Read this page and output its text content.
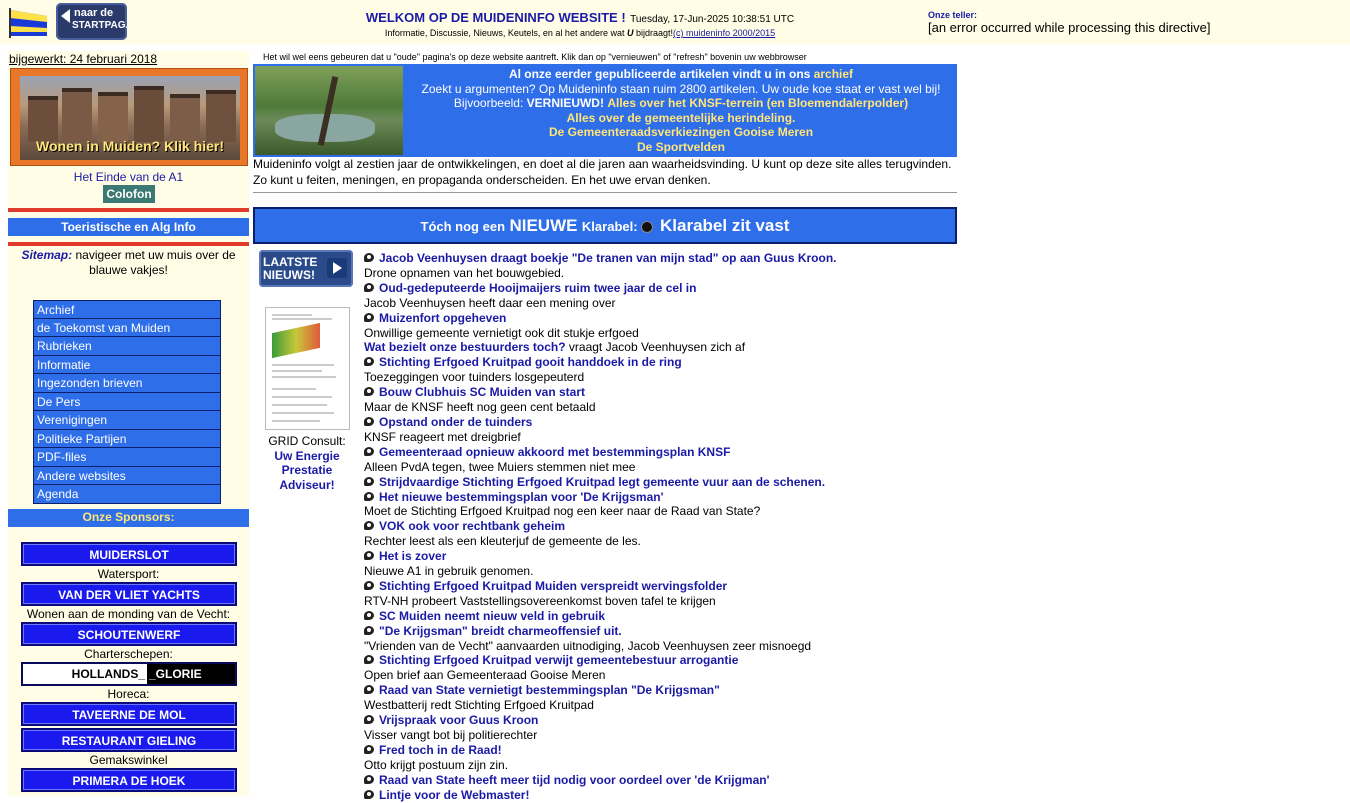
naar de
STARTPAG.
WELKOM OP DE MUIDENINFO WEBSITE ! Tuesday, 17-Jun-2025 10:38:51 UTC
Informatie, Discussie, Nieuws, Keutels, en al het andere wat U bijdraagt!(c) muideninfo 2000/2015
Onze teller:
[an error occurred while processing this directive]
bijgewerkt: 24 februari 2018
Wonen in Muiden? Klik hier!
Het Einde van de A1
Colofon
Toeristische en Alg Info
Sitemap: navigeer met uw muis over de blauwe vakjes!
Archief
de Toekomst van Muiden
Rubrieken
Informatie
Ingezonden brieven
De Pers
Verenigingen
Politieke Partijen
PDF-files
Andere websites
Agenda
Onze Sponsors:
MUIDERSLOT
Watersport:
VAN DER VLIET YACHTS
Wonen aan de monding van de Vecht:
SCHOUTENWERF
Charterschepen:
HOLLANDS_ _GLORIE
Horeca:
TAVEERNE DE MOL
RESTAURANT GIELING
Gemakswinkel
PRIMERA DE HOEK
Het wil wel eens gebeuren dat u "oude" pagina's op deze website aantreft. Klik dan op "vernieuwen" of "refresh" bovenin uw webbrowser
Al onze eerder gepubliceerde artikelen vindt u in ons archief
Zoekt u argumenten? Op Muideninfo staan ruim 2800 artikelen. Uw oude koe staat er vast wel bij!
Bijvoorbeeld: VERNIEUWD! Alles over het KNSF-terrein (en Bloemendalerpolder)
Alles over de gemeentelijke herindeling.
De Gemeenteraadsverkiezingen Gooise Meren
De Sportvelden
Muideninfo volgt al zestien jaar de ontwikkelingen, en doet al die jaren aan waarheidsvinding. U kunt op deze site alles terugvinden. Zo kunt u feiten, meningen, en propaganda onderscheiden. En het uwe ervan denken.
Tóch nog een NIEUWE Klarabel: Klarabel zit vast
LAATSTE
NIEUWS!
GRID Consult:
Uw Energie Prestatie Adviseur!
Jacob Veenhuysen draagt boekje "De tranen van mijn stad" op aan Guus Kroon.
Drone opnamen van het bouwgebied.
Oud-gedeputeerde Hooijmaijers ruim twee jaar de cel in
Jacob Veenhuysen heeft daar een mening over
Muizenfort opgeheven
Onwillige gemeente vernietigt ook dit stukje erfgoed
Wat bezielt onze bestuurders toch? vraagt Jacob Veenhuysen zich af
Stichting Erfgoed Kruitpad gooit handdoek in de ring
Toezeggingen voor tuinders losgepeuterd
Bouw Clubhuis SC Muiden van start
Maar de KNSF heeft nog geen cent betaald
Opstand onder de tuinders
KNSF reageert met dreigbrief
Gemeenteraad opnieuw akkoord met bestemmingsplan KNSF
Alleen PvdA tegen, twee Muiers stemmen niet mee
Strijdvaardige Stichting Erfgoed Kruitpad legt gemeente vuur aan de schenen.
Het nieuwe bestemmingsplan voor 'De Krijgsman'
Moet de Stichting Erfgoed Kruitpad nog een keer naar de Raad van State?
VOK ook voor rechtbank geheim
Rechter leest als een kleuterjuf de gemeente de les.
Het is zover
Nieuwe A1 in gebruik genomen.
Stichting Erfgoed Kruitpad Muiden verspreidt wervingsfolder
RTV-NH probeert Vaststellingsovereenkomst boven tafel te krijgen
SC Muiden neemt nieuw veld in gebruik
"De Krijgsman" breidt charmeoffensief uit.
"Vrienden van de Vecht" aanvaarden uitnodiging, Jacob Veenhuysen zeer misnoegd
Stichting Erfgoed Kruitpad verwijt gemeentebestuur arrogantie
Open brief aan Gemeenteraad Gooise Meren
Raad van State vernietigt bestemmingsplan "De Krijgsman"
Westbatterij redt Stichting Erfgoed Kruitpad
Vrijspraak voor Guus Kroon
Visser vangt bot bij politierechter
Fred toch in de Raad!
Otto krijgt postuum zijn zin.
Raad van State heeft meer tijd nodig voor oordeel over 'de Krijgman'
Lintje voor de Webmaster!
